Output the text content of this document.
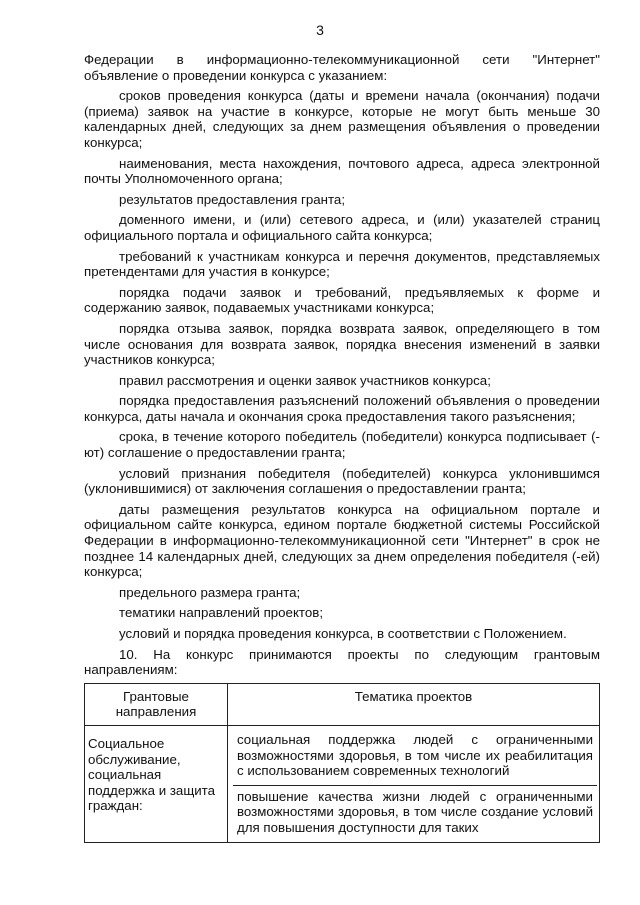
3

Федерации в информационно-телекоммуникационной сети "Интернет" объявление о проведении конкурса с указанием:

сроков проведения конкурса (даты и времени начала (окончания) подачи (приема) заявок на участие в конкурсе, которые не могут быть меньше 30 календарных дней, следующих за днем размещения объявления о проведении конкурса;

наименования, места нахождения, почтового адреса, адреса электронной почты Уполномоченного органа;

результатов предоставления гранта;

доменного имени, и (или) сетевого адреса, и (или) указателей страниц официального портала и официального сайта конкурса;

требований к участникам конкурса и перечня документов, представляемых претендентами для участия в конкурсе;

порядка подачи заявок и требований, предъявляемых к форме и содержанию заявок, подаваемых участниками конкурса;

порядка отзыва заявок, порядка возврата заявок, определяющего в том числе основания для возврата заявок, порядка внесения изменений в заявки участников конкурса;

правил рассмотрения и оценки заявок участников конкурса;

порядка предоставления разъяснений положений объявления о проведении конкурса, даты начала и окончания срока предоставления такого разъяснения;

срока, в течение которого победитель (победители) конкурса подписывает (-ют) соглашение о предоставлении гранта;

условий признания победителя (победителей) конкурса уклонившимся (уклонившимися) от заключения соглашения о предоставлении гранта;

даты размещения результатов конкурса на официальном портале и официальном сайте конкурса, едином портале бюджетной системы Российской Федерации в информационно-телекоммуникационной сети "Интернет" в срок не позднее 14 календарных дней, следующих за днем определения победителя (-ей) конкурса;

предельного размера гранта;

тематики направлений проектов;

условий и порядка проведения конкурса, в соответствии с Положением.

10. На конкурс принимаются проекты по следующим грантовым направлениям:

Грантовые направления	Тематика проектов
Социальное обслуживание, социальная поддержка и защита граждан:	социальная поддержка людей с ограниченными возможностями здоровья, в том числе их реабилитация с использованием современных технологий
повышение качества жизни людей с ограниченными возможностями здоровья, в том числе создание условий для повышения доступности для таких
